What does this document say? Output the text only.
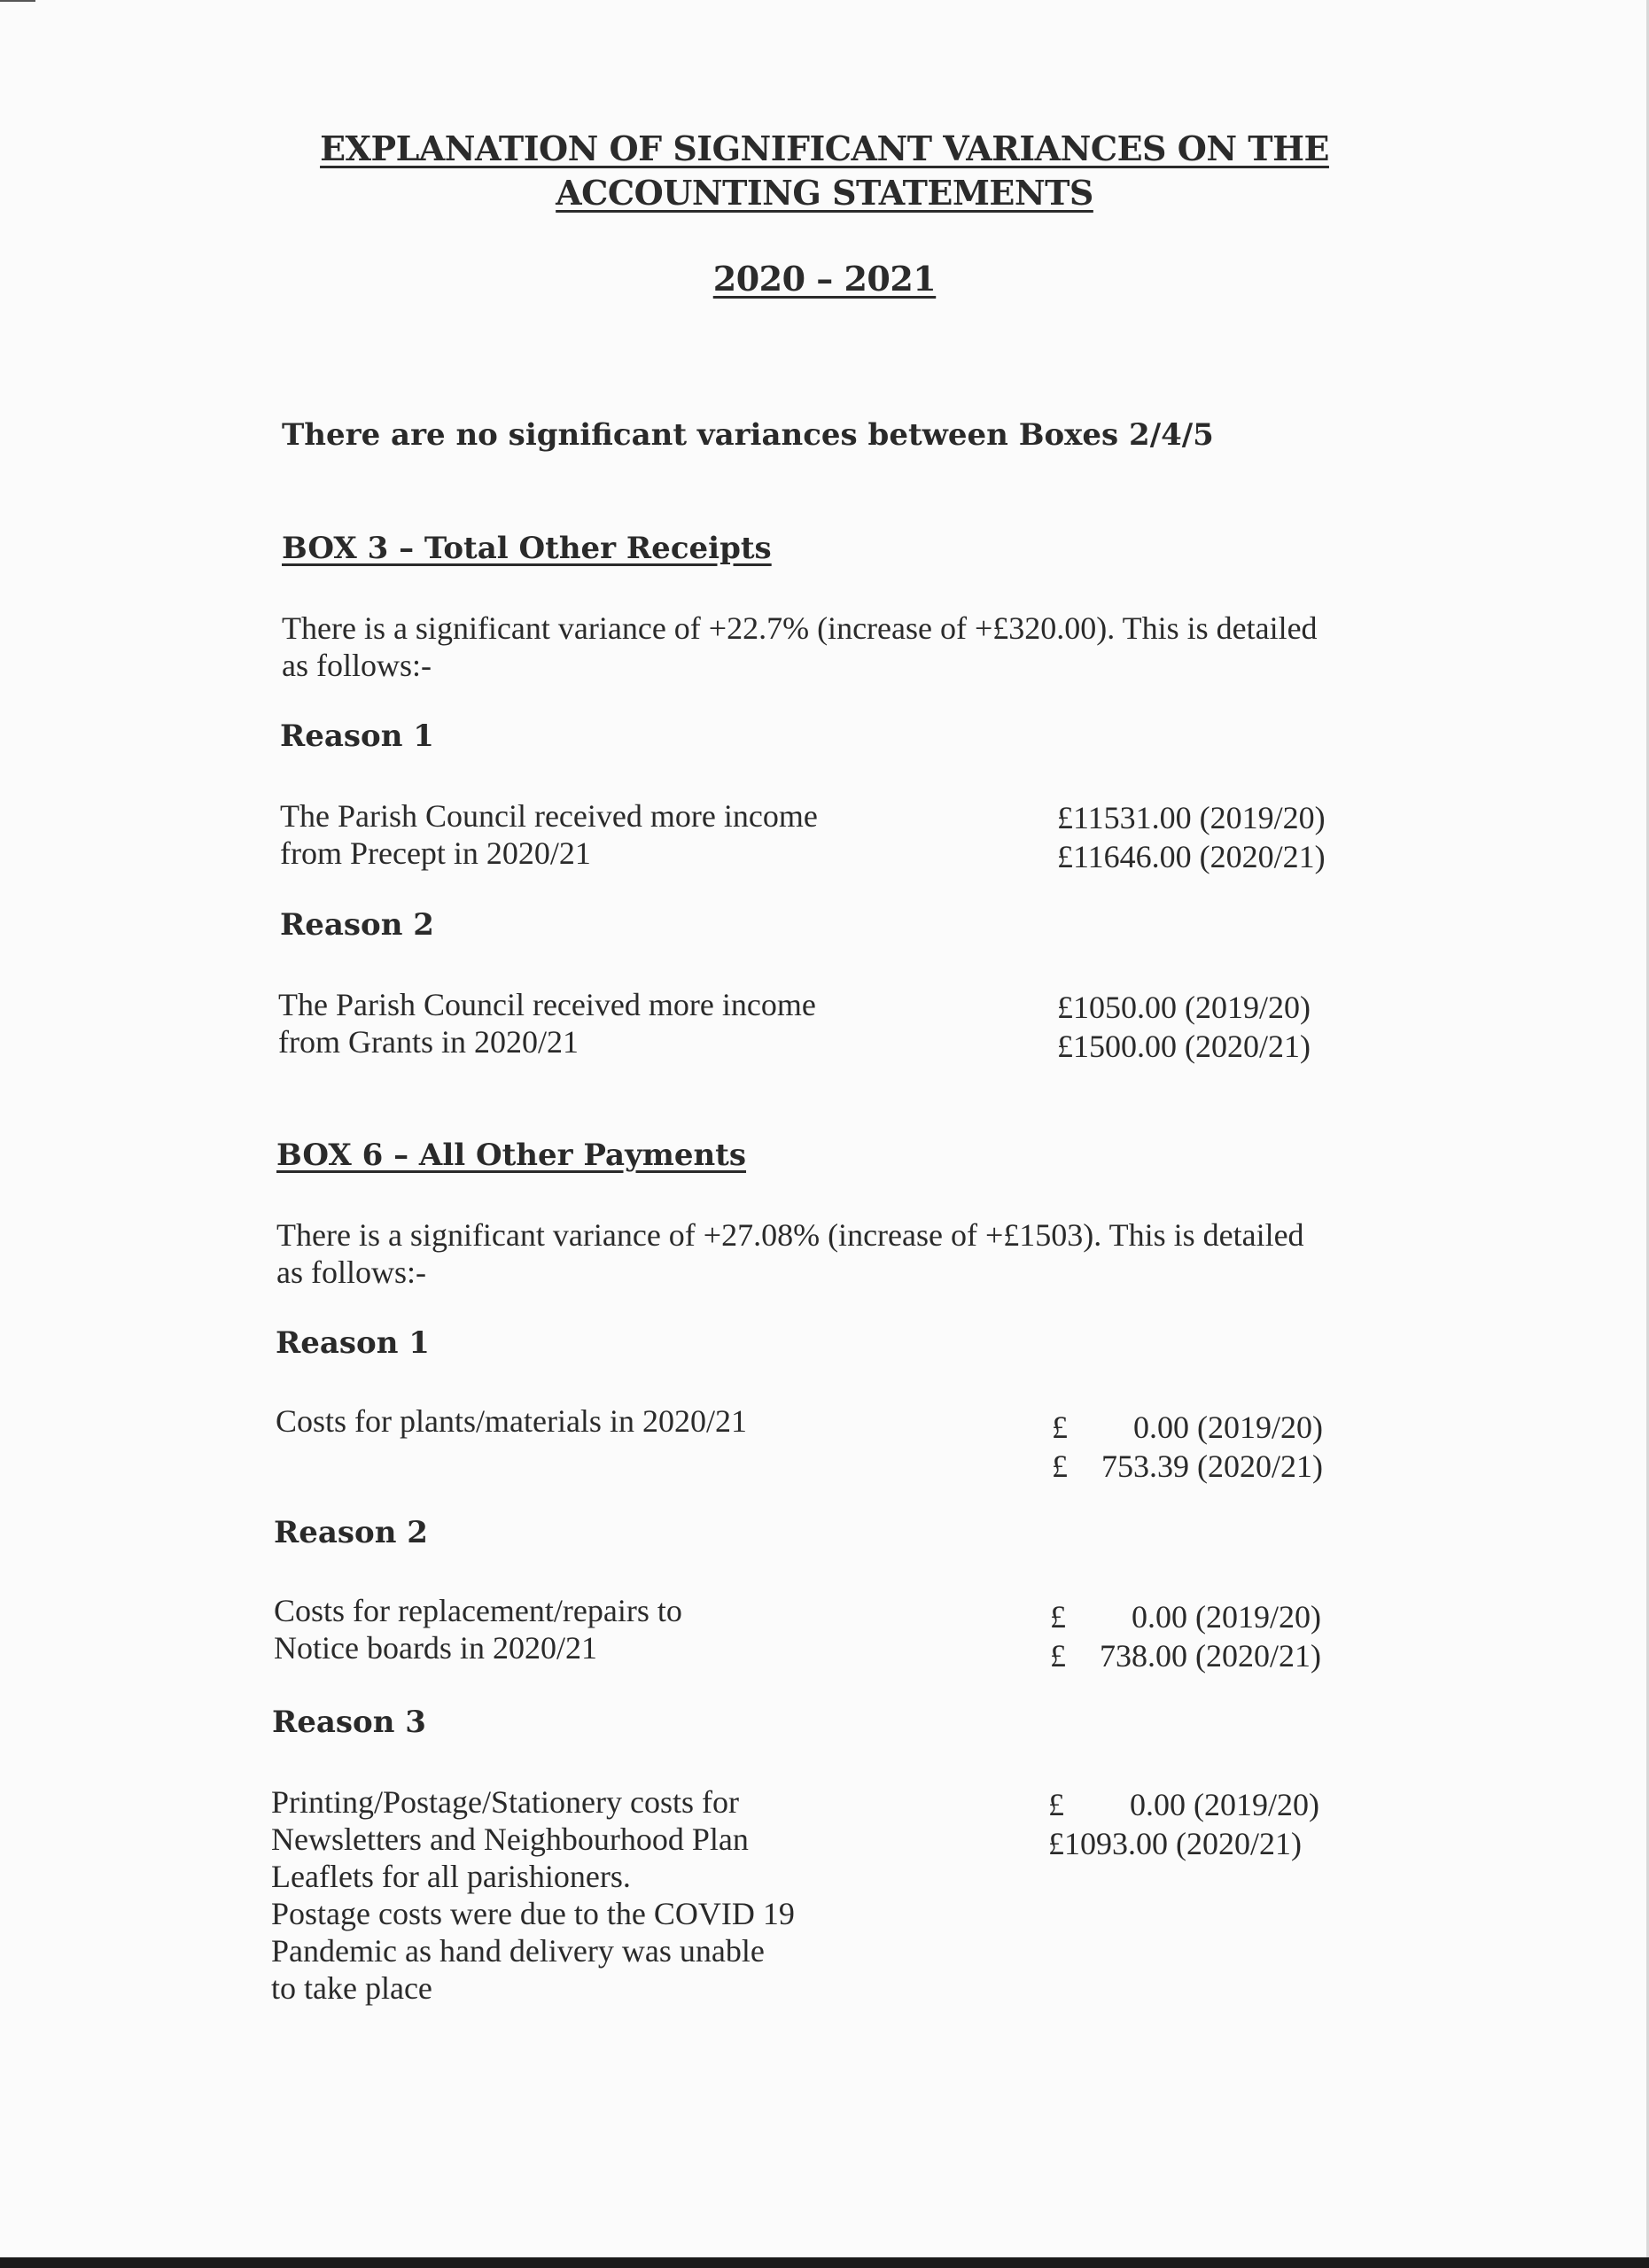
EXPLANATION OF SIGNIFICANT VARIANCES ON THE
ACCOUNTING STATEMENTS
2020 – 2021
There are no significant variances between Boxes 2/4/5
BOX 3 – Total Other Receipts
There is a significant variance of +22.7% (increase of +£320.00). This is detailed
as follows:-
Reason 1
The Parish Council received more income
from Precept in 2020/21
£11531.00 (2019/20)
£11646.00 (2020/21)
Reason 2
The Parish Council received more income
from Grants in 2020/21
£1050.00 (2019/20)
£1500.00 (2020/21)
BOX 6 – All Other Payments
There is a significant variance of +27.08% (increase of +£1503). This is detailed
as follows:-
Reason 1
Costs for plants/materials in 2020/21	£ 0.00 (2019/20)
£ 753.39 (2020/21)
Reason 2
Costs for replacement/repairs to
Notice boards in 2020/21
£ 0.00 (2019/20)
£ 738.00 (2020/21)
Reason 3
Printing/Postage/Stationery costs for
Newsletters and Neighbourhood Plan
Leaflets for all parishioners.
Postage costs were due to the COVID 19
Pandemic as hand delivery was unable
to take place
£ 0.00 (2019/20)
£1093.00 (2020/21)
